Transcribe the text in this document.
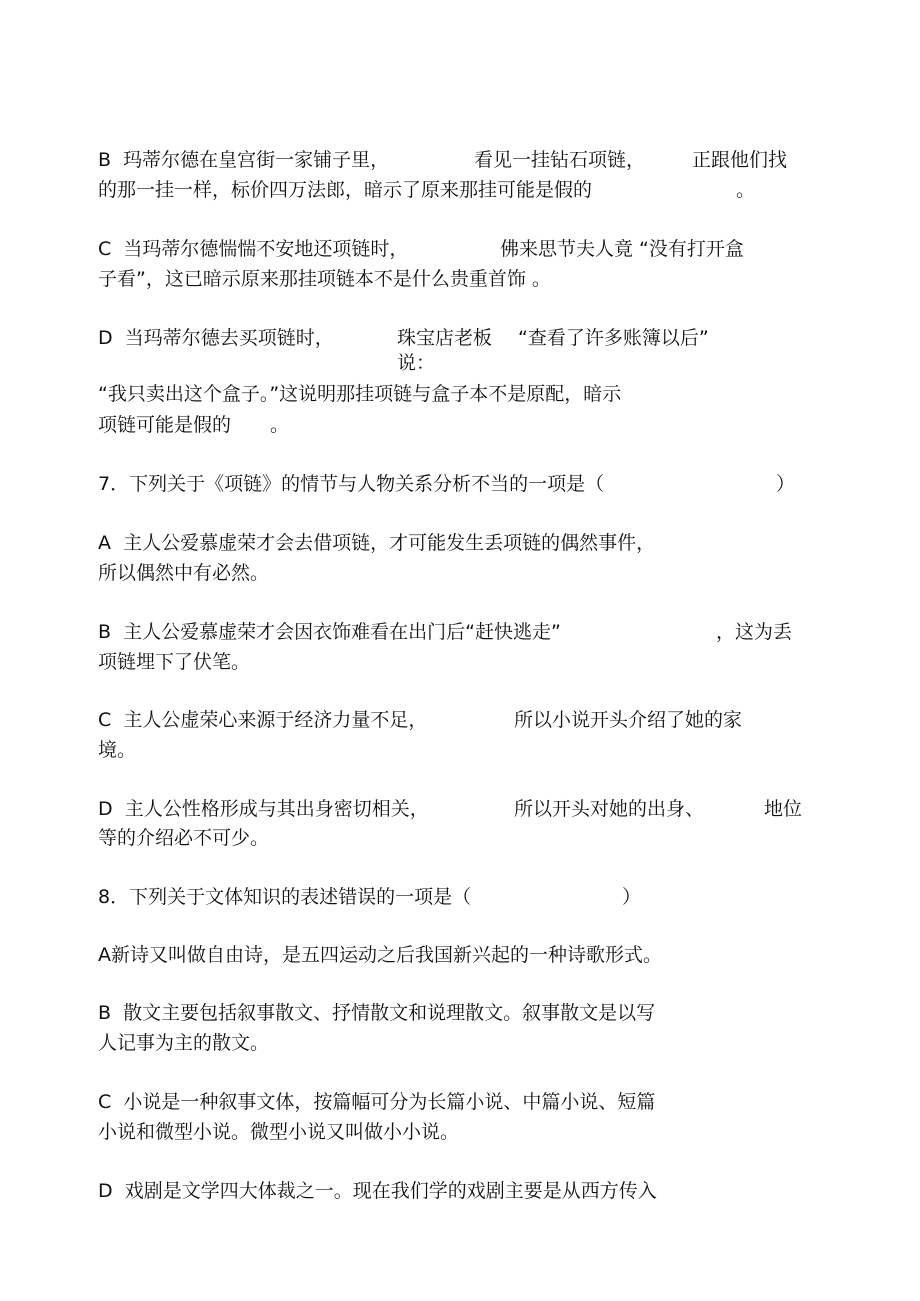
B  玛蒂尔德在皇宫街一家铺子里，	看见一挂钻石项链， 正跟他们找
的那一挂一样，标价四万法郎，暗示了原来那挂可能是假的	。
C  当玛蒂尔德惴惴不安地还项链时，	佛来思节夫人竟 “没有打开盒
子看”，这已暗示原来那挂项链本不是什么贵重首饰 。
D  当玛蒂尔德去买项链时，	珠宝店老板 “查看了许多账簿以后”
说：
“我只卖出这个盒子。”这说明那挂项链与盒子本不是原配，暗示
项链可能是假的 。
7．下列关于《项链》的情节与人物关系分析不当的一项是（	）
A  主人公爱慕虚荣才会去借项链，才可能发生丢项链的偶然事件，
所以偶然中有必然。
B  主人公爱慕虚荣才会因衣饰难看在出门后“赶快逃走”	，这为丢
项链埋下了伏笔。
C  主人公虚荣心来源于经济力量不足，	所以小说开头介绍了她的家
境。
D  主人公性格形成与其出身密切相关，	所以开头对她的出身、	地位
等的介绍必不可少。
8．下列关于文体知识的表述错误的一项是（	）
A新诗又叫做自由诗，是五四运动之后我国新兴起的一种诗歌形式。
B  散文主要包括叙事散文、抒情散文和说理散文。叙事散文是以写
人记事为主的散文。
C  小说是一种叙事文体，按篇幅可分为长篇小说、中篇小说、短篇
小说和微型小说。微型小说又叫做小小说。
D  戏剧是文学四大体裁之一。现在我们学的戏剧主要是从西方传入
